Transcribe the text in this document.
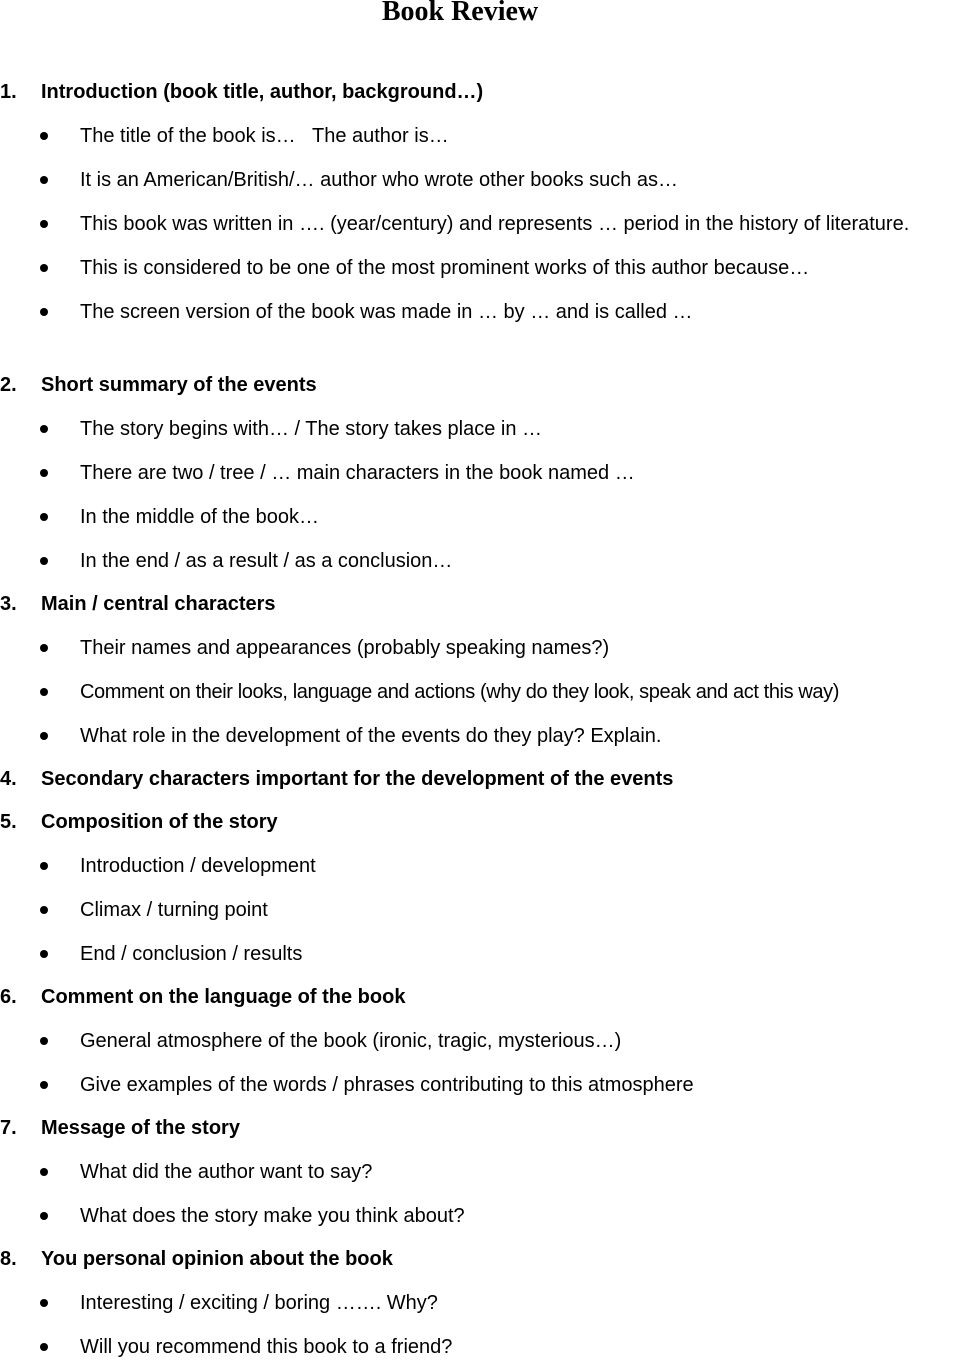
Book Review
1. Introduction (book title, author, background…)
The title of the book is…   The author is…
It is an American/British/… author who wrote other books such as…
This book was written in …. (year/century) and represents … period in the history of literature.
This is considered to be one of the most prominent works of this author because…
The screen version of the book was made in … by … and is called …
2. Short summary of the events
The story begins with… / The story takes place in …
There are two / tree / … main characters in the book named …
In the middle of the book…
In the end / as a result / as a conclusion…
3. Main / central characters
Their names and appearances (probably speaking names?)
Comment on their looks, language and actions (why do they look, speak and act this way)
What role in the development of the events do they play? Explain.
4. Secondary characters important for the development of the events
5. Composition of the story
Introduction / development
Climax / turning point
End / conclusion / results
6. Comment on the language of the book
General atmosphere of the book (ironic, tragic, mysterious…)
Give examples of the words / phrases contributing to this atmosphere
7. Message of the story
What did the author want to say?
What does the story make you think about?
8. You personal opinion about the book
Interesting / exciting / boring ……. Why?
Will you recommend this book to a friend?
